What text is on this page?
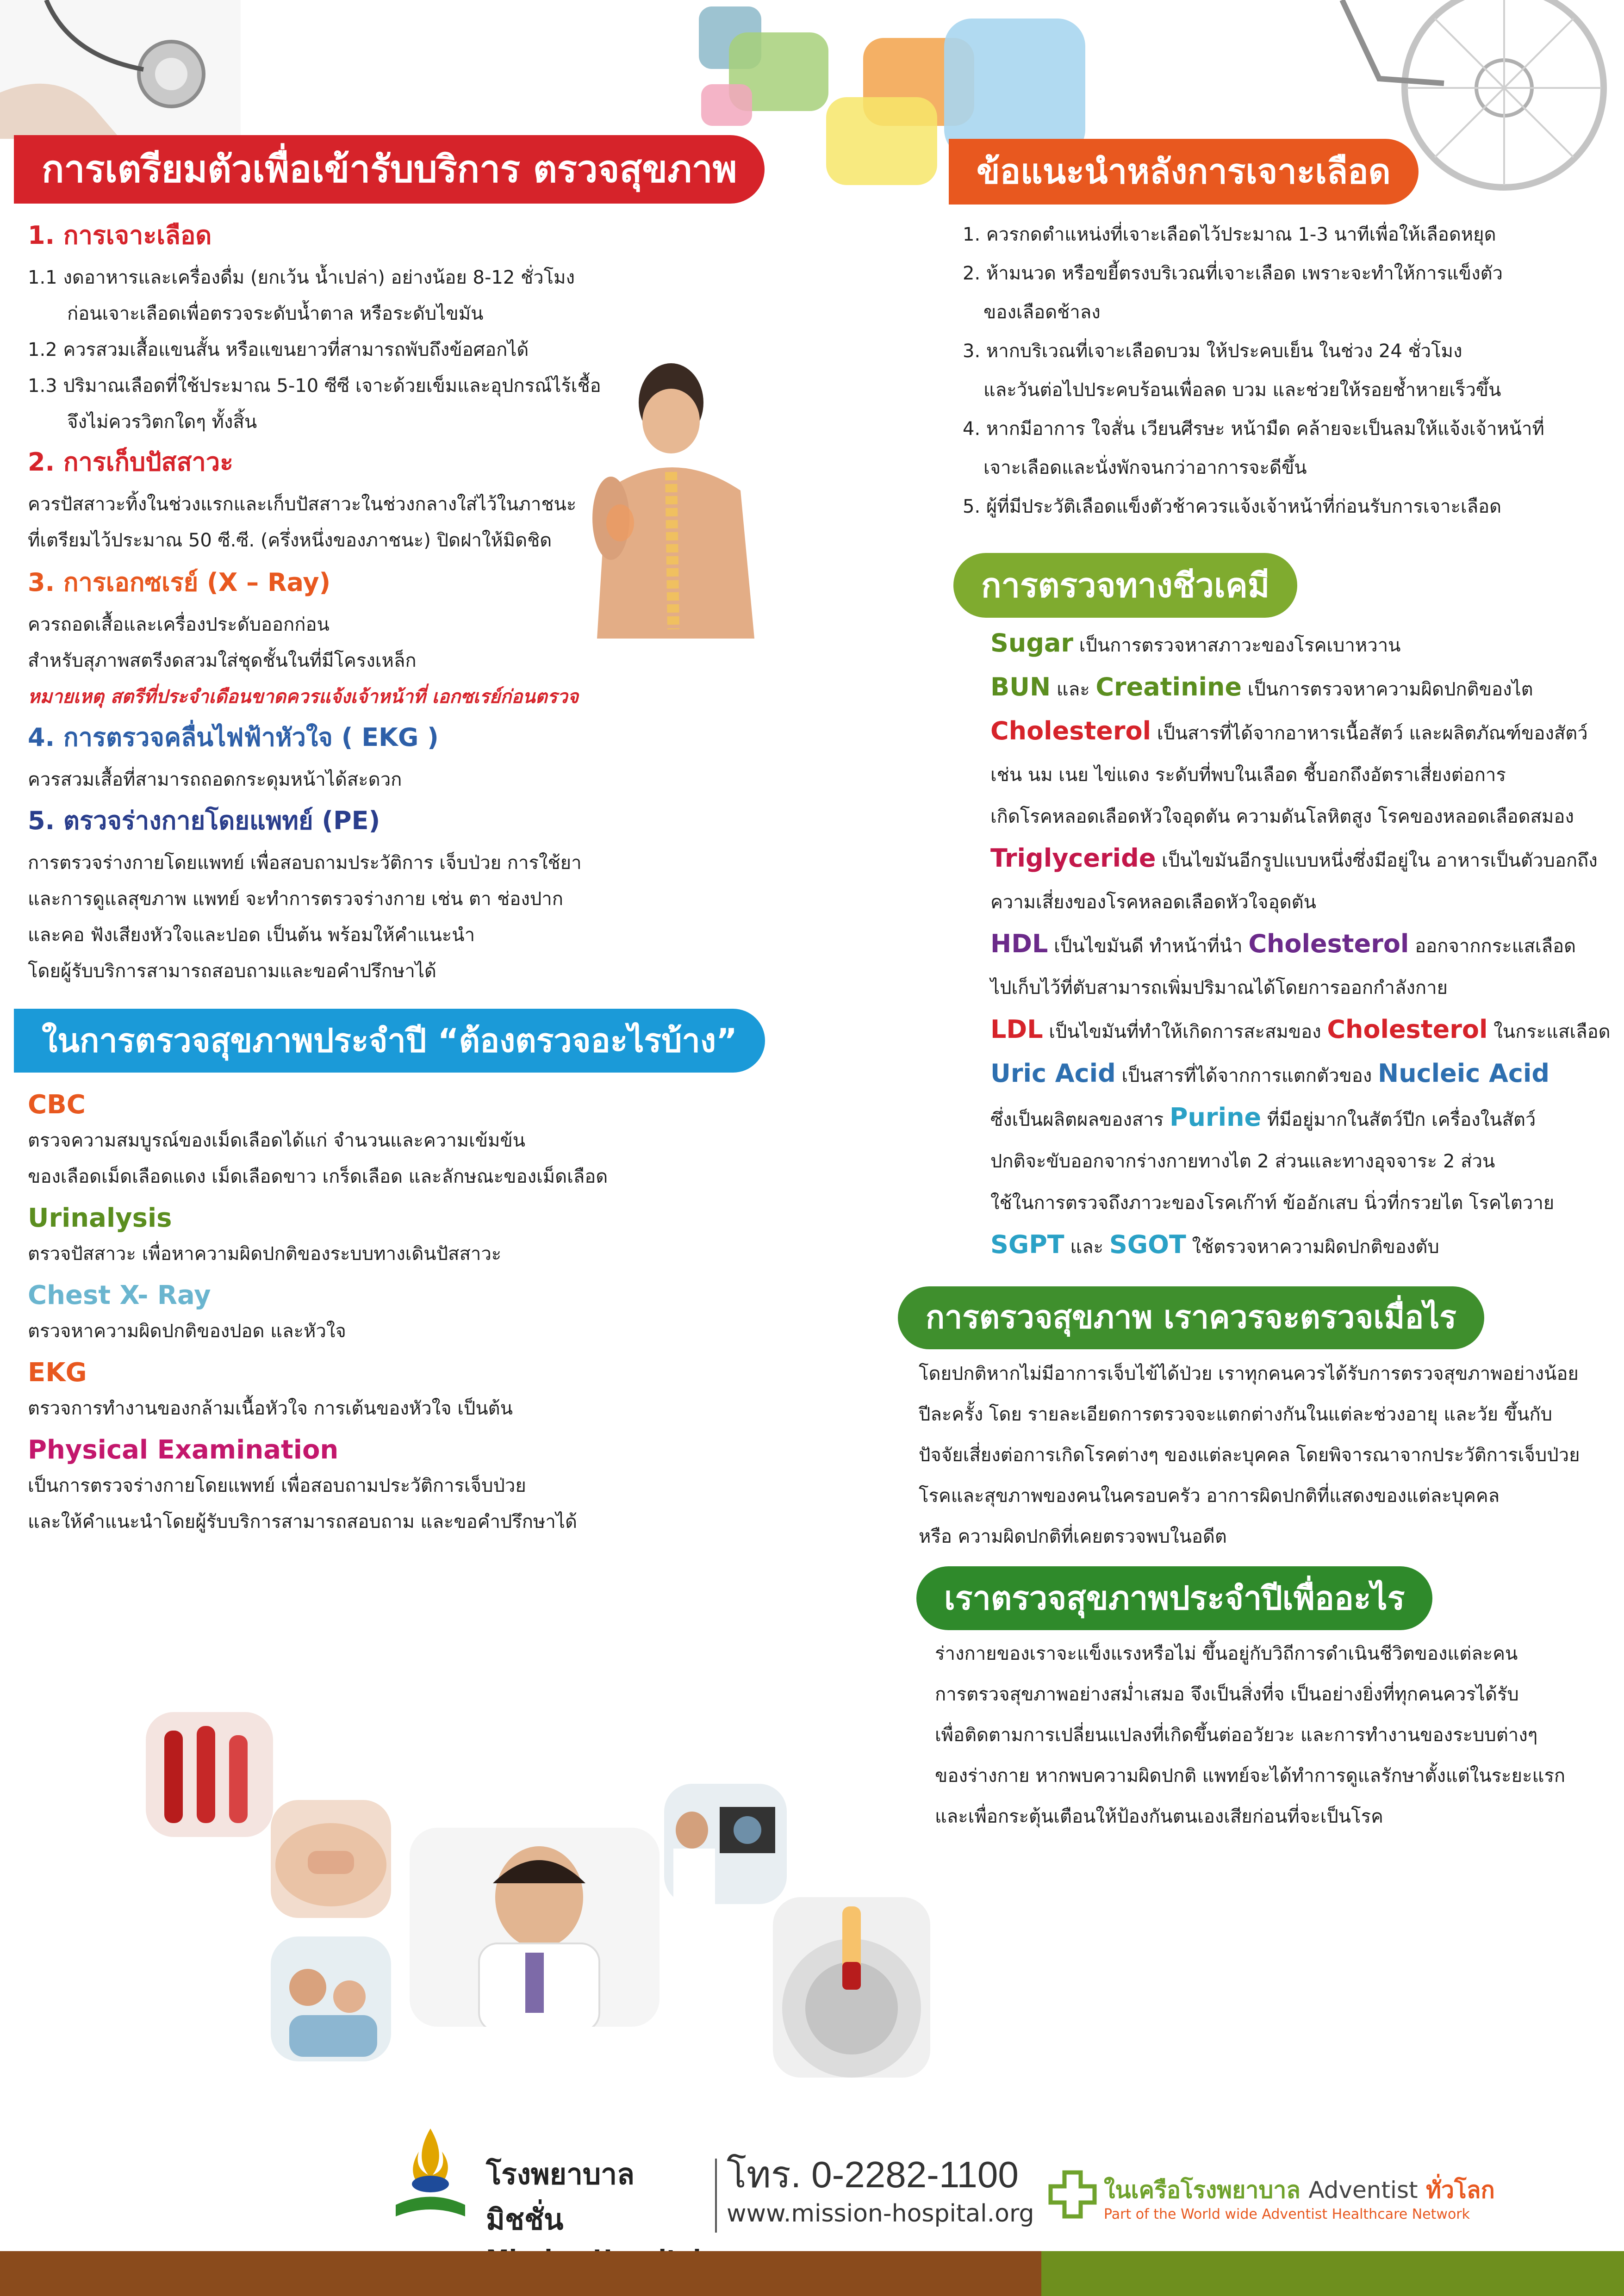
การเตรียมตัวเพื่อเข้ารับบริการ ตรวจสุขภาพ
1. การเจาะเลือด
1.1 งดอาหารและเครื่องดื่ม (ยกเว้น น้ำเปล่า) อย่างน้อย 8-12 ชั่วโมง
ก่อนเจาะเลือดเพื่อตรวจระดับน้ำตาล หรือระดับไขมัน
1.2 ควรสวมเสื้อแขนสั้น หรือแขนยาวที่สามารถพับถึงข้อศอกได้
1.3 ปริมาณเลือดที่ใช้ประมาณ 5-10 ซีซี เจาะด้วยเข็มและอุปกรณ์ไร้เชื้อ
จึงไม่ควรวิตกใดๆ ทั้งสิ้น
2. การเก็บปัสสาวะ
ควรปัสสาวะทิ้งในช่วงแรกและเก็บปัสสาวะในช่วงกลางใส่ไว้ในภาชนะ
ที่เตรียมไว้ประมาณ 50 ซี.ซี. (ครึ่งหนึ่งของภาชนะ) ปิดฝาให้มิดชิด
3. การเอกซเรย์ (X – Ray)
ควรถอดเสื้อและเครื่องประดับออกก่อน
สำหรับสุภาพสตรีงดสวมใส่ชุดชั้นในที่มีโครงเหล็ก
หมายเหตุ สตรีที่ประจำเดือนขาดควรแจ้งเจ้าหน้าที่ เอกซเรย์ก่อนตรวจ
4. การตรวจคลื่นไฟฟ้าหัวใจ ( EKG )
ควรสวมเสื้อที่สามารถถอดกระดุมหน้าได้สะดวก
5. ตรวจร่างกายโดยแพทย์ (PE)
การตรวจร่างกายโดยแพทย์ เพื่อสอบถามประวัติการ เจ็บป่วย การใช้ยา
และการดูแลสุขภาพ แพทย์ จะทำการตรวจร่างกาย เช่น ตา ช่องปาก
และคอ ฟังเสียงหัวใจและปอด เป็นต้น พร้อมให้คำแนะนำ
โดยผู้รับบริการสามารถสอบถามและขอคำปรึกษาได้
ในการตรวจสุขภาพประจำปี “ต้องตรวจอะไรบ้าง”
CBC
ตรวจความสมบูรณ์ของเม็ดเลือดได้แก่ จำนวนและความเข้มข้น
ของเลือดเม็ดเลือดแดง เม็ดเลือดขาว เกร็ดเลือด และลักษณะของเม็ดเลือด
Urinalysis
ตรวจปัสสาวะ เพื่อหาความผิดปกติของระบบทางเดินปัสสาวะ
Chest X- Ray
ตรวจหาความผิดปกติของปอด และหัวใจ
EKG
ตรวจการทำงานของกล้ามเนื้อหัวใจ การเต้นของหัวใจ เป็นต้น
Physical Examination
เป็นการตรวจร่างกายโดยแพทย์ เพื่อสอบถามประวัติการเจ็บป่วย
และให้คำแนะนำโดยผู้รับบริการสามารถสอบถาม และขอคำปรึกษาได้
ข้อแนะนำหลังการเจาะเลือด
1. ควรกดตำแหน่งที่เจาะเลือดไว้ประมาณ 1-3 นาทีเพื่อให้เลือดหยุด
2. ห้ามนวด หรือขยี้ตรงบริเวณที่เจาะเลือด เพราะจะทำให้การแข็งตัว
ของเลือดช้าลง
3. หากบริเวณที่เจาะเลือดบวม ให้ประคบเย็น ในช่วง 24 ชั่วโมง
และวันต่อไปประคบร้อนเพื่อลด บวม และช่วยให้รอยช้ำหายเร็วขึ้น
4. หากมีอาการ ใจสั่น เวียนศีรษะ หน้ามืด คล้ายจะเป็นลมให้แจ้งเจ้าหน้าที่
เจาะเลือดและนั่งพักจนกว่าอาการจะดีขึ้น
5. ผู้ที่มีประวัติเลือดแข็งตัวช้าควรแจ้งเจ้าหน้าที่ก่อนรับการเจาะเลือด
การตรวจทางชีวเคมี
Sugar เป็นการตรวจหาสภาวะของโรคเบาหวาน
BUN และ Creatinine เป็นการตรวจหาความผิดปกติของไต
Cholesterol เป็นสารที่ได้จากอาหารเนื้อสัตว์ และผลิตภัณฑ์ของสัตว์
เช่น นม เนย ไข่แดง ระดับที่พบในเลือด ชี้บอกถึงอัตราเสี่ยงต่อการ
เกิดโรคหลอดเลือดหัวใจอุดตัน ความดันโลหิตสูง โรคของหลอดเลือดสมอง
Triglyceride เป็นไขมันอีกรูปแบบหนึ่งซึ่งมีอยู่ใน อาหารเป็นตัวบอกถึง
ความเสี่ยงของโรคหลอดเลือดหัวใจอุดตัน
HDL เป็นไขมันดี ทำหน้าที่นำ Cholesterol ออกจากกระแสเลือด
ไปเก็บไว้ที่ตับสามารถเพิ่มปริมาณได้โดยการออกกำลังกาย
LDL เป็นไขมันที่ทำให้เกิดการสะสมของ Cholesterol ในกระแสเลือด
Uric Acid เป็นสารที่ได้จากการแตกตัวของ Nucleic Acid
ซึ่งเป็นผลิตผลของสาร Purine ที่มีอยู่มากในสัตว์ปีก เครื่องในสัตว์
ปกติจะขับออกจากร่างกายทางไต 2 ส่วนและทางอุจจาระ 2 ส่วน
ใช้ในการตรวจถึงภาวะของโรคเก๊าท์ ข้ออักเสบ นิ่วที่กรวยไต โรคไตวาย
SGPT และ SGOT ใช้ตรวจหาความผิดปกติของตับ
การตรวจสุขภาพ เราควรจะตรวจเมื่อไร
โดยปกติหากไม่มีอาการเจ็บไข้ได้ป่วย เราทุกคนควรได้รับการตรวจสุขภาพอย่างน้อย
ปีละครั้ง โดย รายละเอียดการตรวจจะแตกต่างกันในแต่ละช่วงอายุ และวัย ขึ้นกับ
ปัจจัยเสี่ยงต่อการเกิดโรคต่างๆ ของแต่ละบุคคล โดยพิจารณาจากประวัติการเจ็บป่วย
โรคและสุขภาพของคนในครอบครัว อาการผิดปกติที่แสดงของแต่ละบุคคล
หรือ ความผิดปกติที่เคยตรวจพบในอดีต
เราตรวจสุขภาพประจำปีเพื่ออะไร
ร่างกายของเราจะแข็งแรงหรือไม่ ขึ้นอยู่กับวิถีการดำเนินชีวิตของแต่ละคน
การตรวจสุขภาพอย่างสม่ำเสมอ จึงเป็นสิ่งที่จ เป็นอย่างยิ่งที่ทุกคนควรได้รับ
เพื่อติดตามการเปลี่ยนแปลงที่เกิดขึ้นต่ออวัยวะ และการทำงานของระบบต่างๆ
ของร่างกาย หากพบความผิดปกติ แพทย์จะได้ทำการดูแลรักษาตั้งแต่ในระยะแรก
และเพื่อกระตุ้นเตือนให้ป้องกันตนเองเสียก่อนที่จะเป็นโรค
โรงพยาบาลมิชชั่น
โทร. 0-2282-1100
www.mission-hospital.org
ในเครือโรงพยาบาล Adventist ทั่วโลก
Part of the World wide Adventist Healthcare Network
